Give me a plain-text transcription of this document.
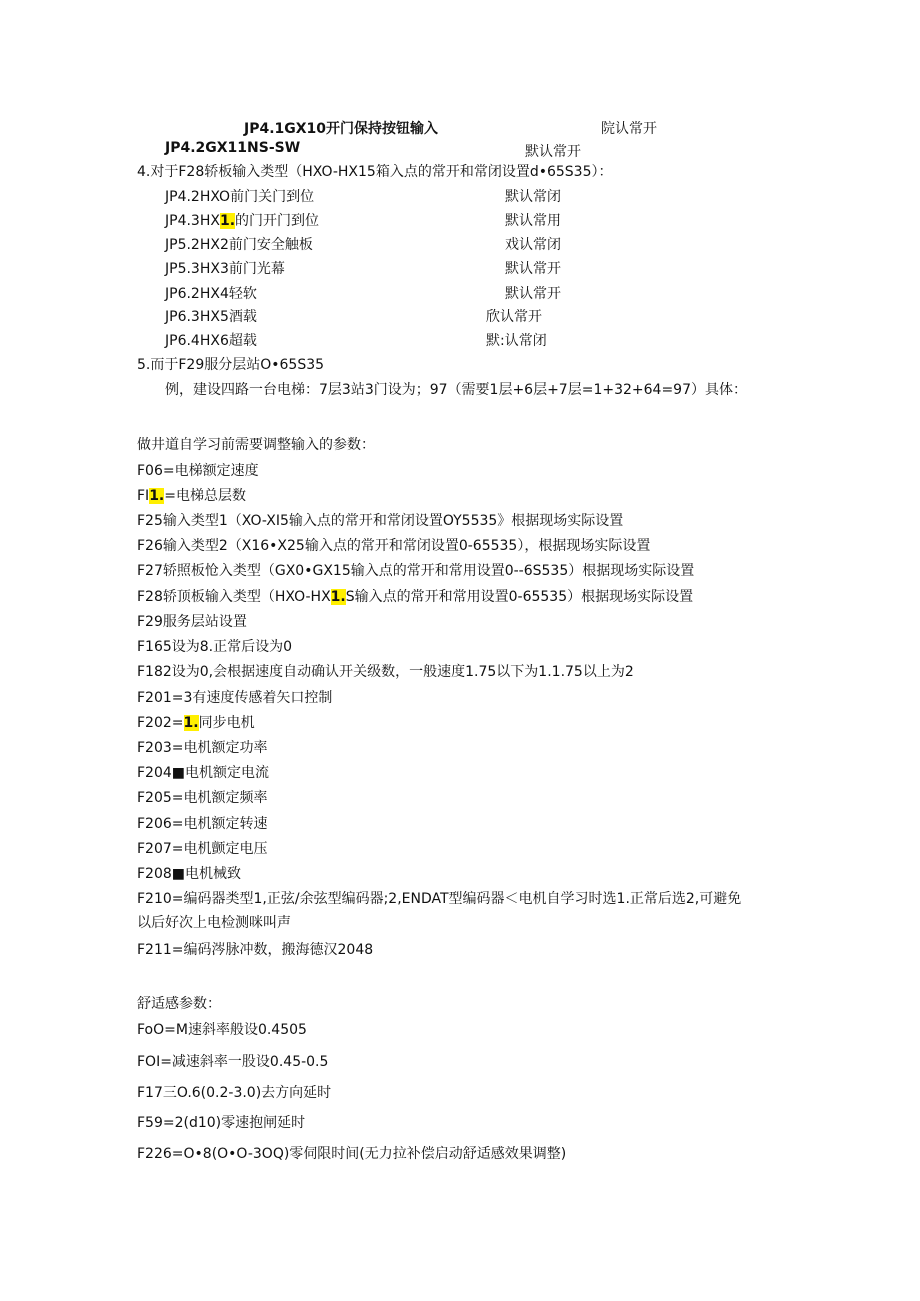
JP4.1GX10开门保持按钮输入	院认常开
JP4.2GX11NS-SW	默认常开
4.对于F28轿板输入类型（HXO-HX15箱入点的常开和常闭设置d•65S35）：
JP4.2HXO前门关门到位	默认常闭
JP4.3HX1.的门开门到位	默认常用
JP5.2HX2前门安全触板	戏认常闭
JP5.3HX3前门光幕	默认常开
JP6.2HX4轻软	默认常开
JP6.3HX5酒载	欣认常开
JP6.4HX6超载	默:认常闭
5.而于F29服分层站O•65S35
例，建设四路一台电梯：7层3站3门设为；97（需要1层+6层+7层=1+32+64=97）具体：
做井道自学习前需要调整输入的参数：
F06=电梯额定速度
FI1.=电梯总层数
F25输入类型1（XO-XI5输入点的常开和常闭设置OY5535》根据现场实际设置
F26输入类型2（X16•X25输入点的常开和常闭设置0-65535），根据现场实际设置
F27轿照板怆入类型（GX0•GX15输入点的常开和常用设置0--6S535）根据现场实际设置
F28轿顶板输入类型（HXO-HX1.S输入点的常开和常用设置0-65535）根据现场实际设置
F29服务层站设置
F165设为8.正常后设为0
F182设为0,会根据速度自动确认开关级数，一般速度1.75以下为1.1.75以上为2
F201=3有速度传感着矢口控制
F202=1.同步电机
F203=电机额定功率
F204■电机额定电流
F205=电机额定频率
F206=电机额定转速
F207=电机颤定电压
F208■电机械致
F210=编码器类型1,正弦/余弦型编码器;2,ENDAT型编码器＜电机自学习时选1.正常后选2,可避免
以后好次上电检测咪叫声
F211=编码涔脉冲数，搬海德汉2048
舒适感参数：
FoO=M速斜率般设0.4505
FOI=减速斜率一股设0.45-0.5
F17三O.6(0.2-3.0)去方向延时
F59=2(d10)零速抱闸延时
F226=O•8(O•O-3OQ)零伺限时间(无力拉补偿启动舒适感效果调整)
